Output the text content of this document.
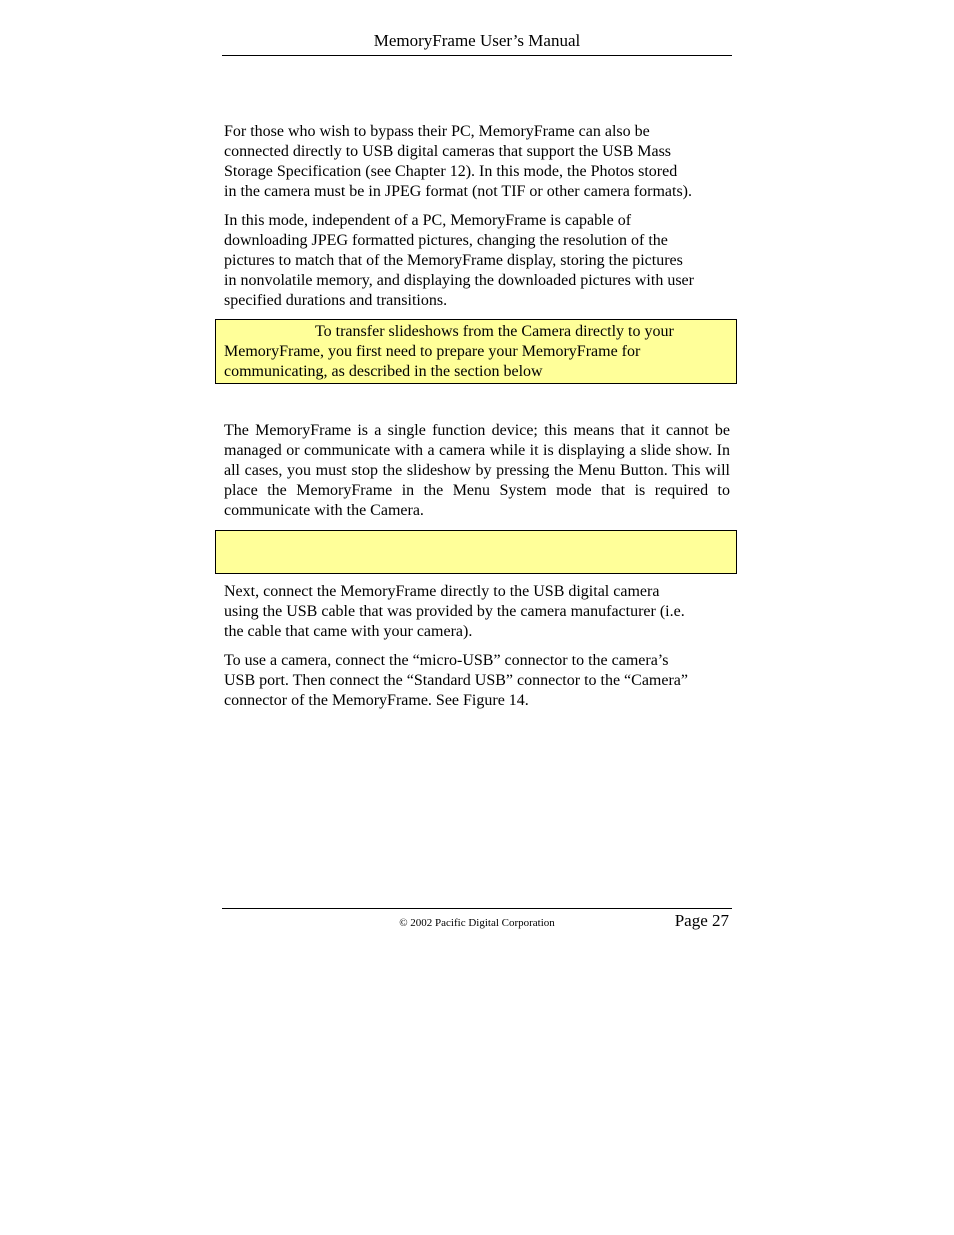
MemoryFrame User’s Manual

For those who wish to bypass their PC, MemoryFrame can also be
connected directly to USB digital cameras that support the USB Mass
Storage Specification (see Chapter 12). In this mode, the Photos stored
in the camera must be in JPEG format (not TIF or other camera formats).

In this mode, independent of a PC, MemoryFrame is capable of
downloading JPEG formatted pictures, changing the resolution of the
pictures to match that of the MemoryFrame display, storing the pictures
in nonvolatile memory, and displaying the downloaded pictures with user
specified durations and transitions.

To transfer slideshows from the Camera directly to your
MemoryFrame, you first need to prepare your MemoryFrame for
communicating, as described in the section below

The MemoryFrame is a single function device; this means that it cannot be managed or communicate with a camera while it is displaying a slide show. In all cases, you must stop the slideshow by pressing the Menu Button. This will place the MemoryFrame in the Menu System mode that is required to communicate with the Camera.

Next, connect the MemoryFrame directly to the USB digital camera
using the USB cable that was provided by the camera manufacturer (i.e.
the cable that came with your camera).

To use a camera, connect the “micro-USB” connector to the camera’s
USB port. Then connect the “Standard USB” connector to the “Camera”
connector of the MemoryFrame. See Figure 14.

© 2002 Pacific Digital Corporation	Page 27
